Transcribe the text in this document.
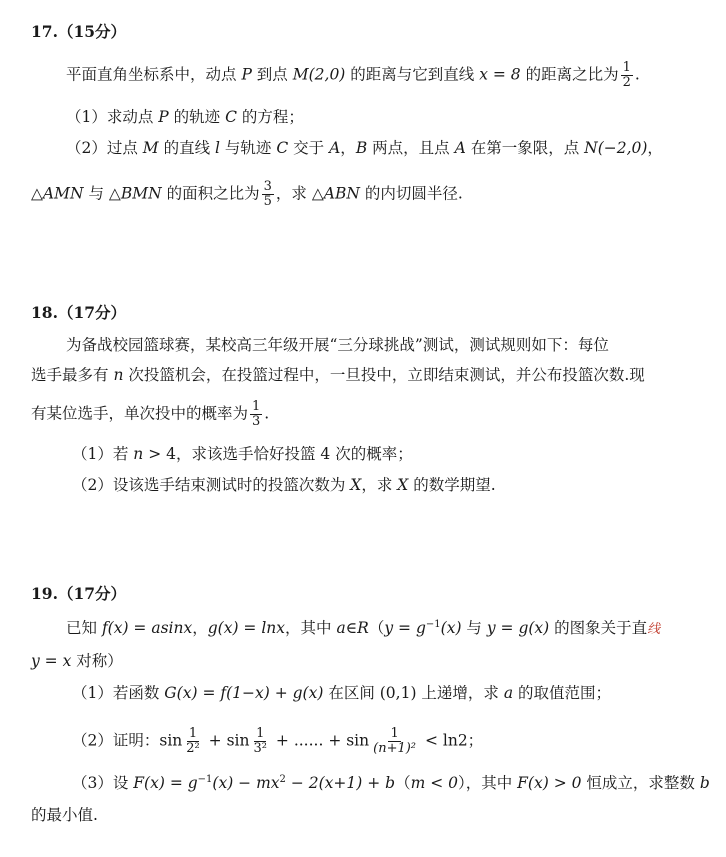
17.（15分）
平面直角坐标系中，动点 P 到点 M(2,0) 的距离与它到直线 x = 8 的距离之比为 $\frac{1}{2}$ .
（1）求动点 P 的轨迹 C 的方程；
（2）过点 M 的直线 l 与轨迹 C 交于 A，B 两点，且点 A 在第一象限，点 N(−2,0)，
△AMN 与 △BMN 的面积之比为 $\frac{3}{5}$ ，求 △ABN 的内切圆半径.
18.（17分）
为备战校园篮球赛，某校高三年级开展“三分球挑战”测试，测试规则如下：每位
选手最多有 n 次投篮机会，在投篮过程中，一旦投中，立即结束测试，并公布投篮次数.现
有某位选手，单次投中的概率为 $\frac{1}{3}$ .
（1）若 n > 4，求该选手恰好投篮 4 次的概率；
（2）设该选手结束测试时的投篮次数为 X，求 X 的数学期望.
19.（17分）
已知 f(x) = asinx，g(x) = lnx，其中 a∈R（y = $g^{-1}(x)$ 与 y = g(x) 的图象关于直线
y = x 对称）
（1）若函数 G(x) = f(1−x) + g(x) 在区间 (0,1) 上递增，求 a 的取值范围；
（2）证明：$\sin \frac{1}{\text{2²}} + \sin \frac{1}{\text{3²}}$ + ...... + $\sin \frac{1}{\text{(n+1)²}} < \ln 2$；
（3）设 $F(x) = g^{-1}(x) - mx^2 - 2(x+1) + b(m < 0)$，其中 F(x) > 0 恒成立，求整数 b
的最小值.
